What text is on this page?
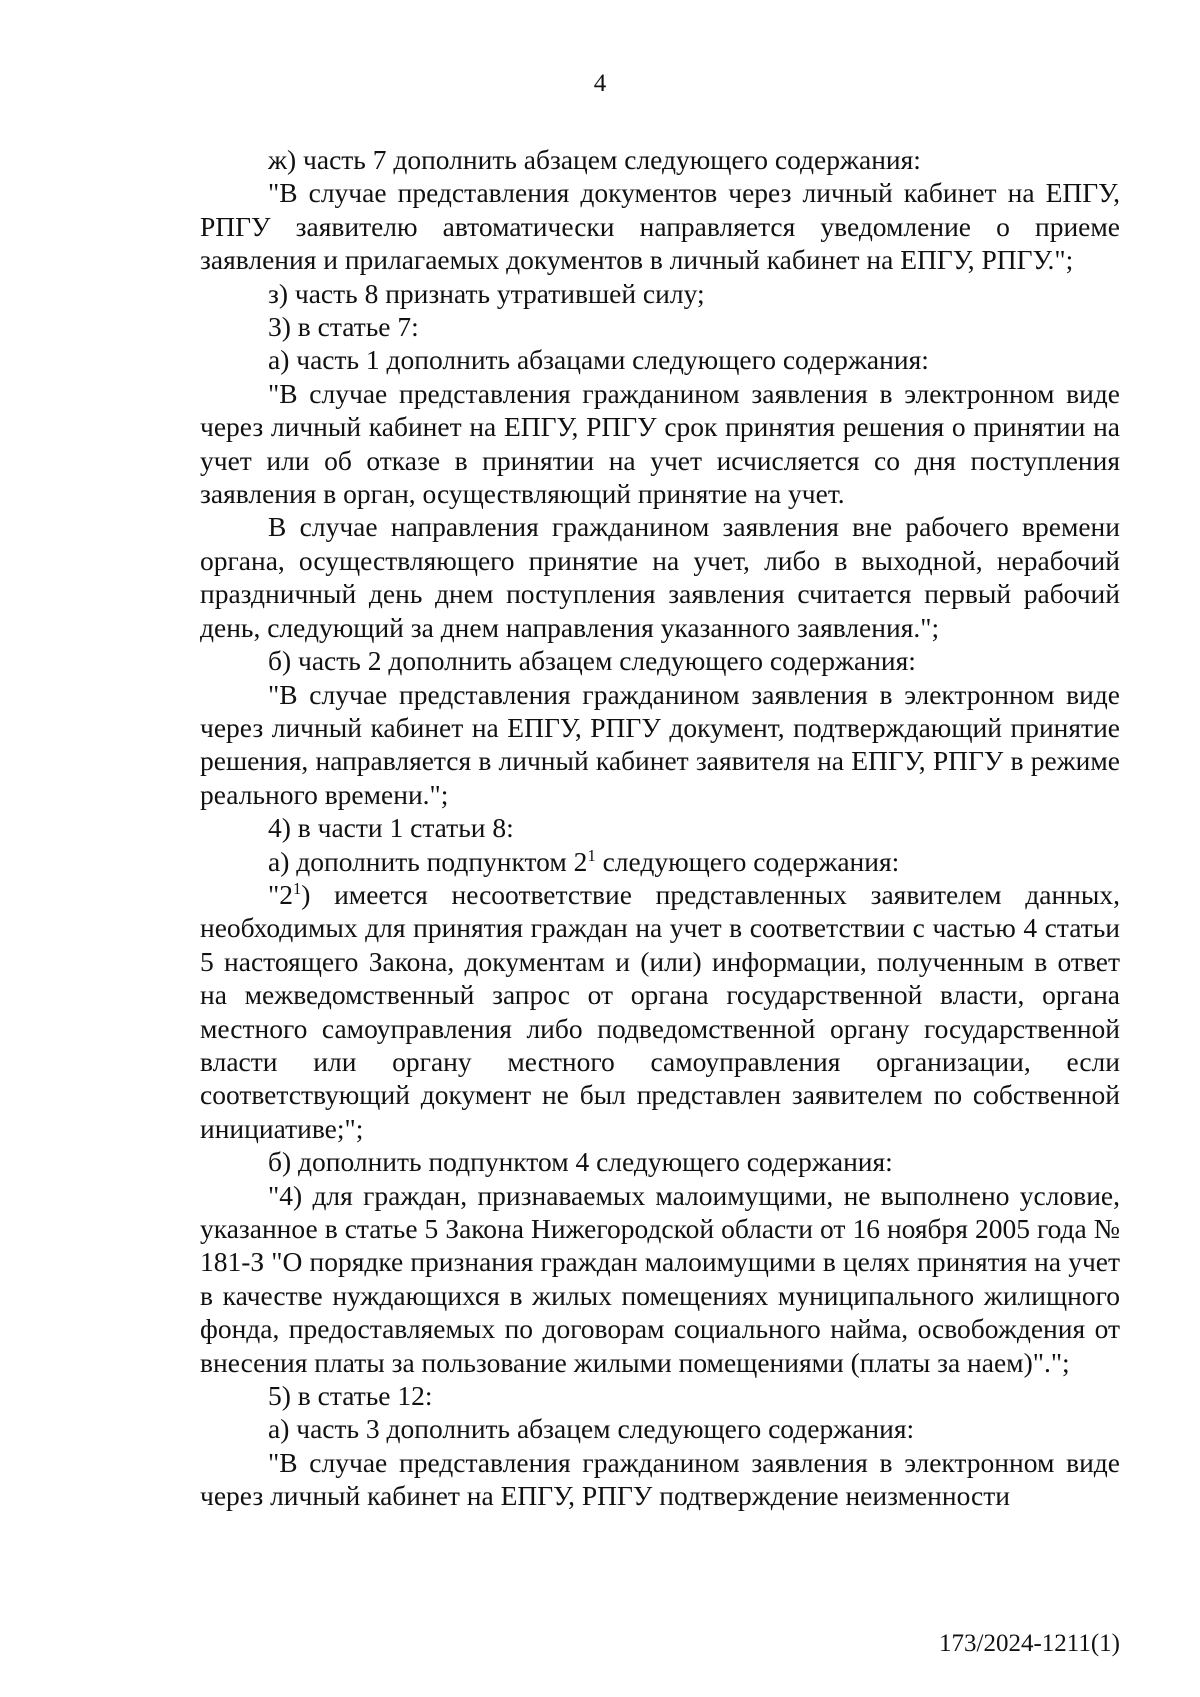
4

ж) часть 7 дополнить абзацем следующего содержания:

"В случае представления документов через личный кабинет на ЕПГУ, РПГУ заявителю автоматически направляется уведомление о приеме заявления и прилагаемых документов в личный кабинет на ЕПГУ, РПГУ.";

з) часть 8 признать утратившей силу;

3) в статье 7:

а) часть 1 дополнить абзацами следующего содержания:

"В случае представления гражданином заявления в электронном виде через личный кабинет на ЕПГУ, РПГУ срок принятия решения о принятии на учет или об отказе в принятии на учет исчисляется со дня поступления заявления в орган, осуществляющий принятие на учет.

В случае направления гражданином заявления вне рабочего времени органа, осуществляющего принятие на учет, либо в выходной, нерабочий праздничный день днем поступления заявления считается первый рабочий день, следующий за днем направления указанного заявления.";

б) часть 2 дополнить абзацем следующего содержания:

"В случае представления гражданином заявления в электронном виде через личный кабинет на ЕПГУ, РПГУ документ, подтверждающий принятие решения, направляется в личный кабинет заявителя на ЕПГУ, РПГУ в режиме реального времени.";

4) в части 1 статьи 8:

а) дополнить подпунктом $2^1$ следующего содержания:

"$2^1$) имеется несоответствие представленных заявителем данных, необходимых для принятия граждан на учет в соответствии с частью 4 статьи 5 настоящего Закона, документам и (или) информации, полученным в ответ на межведомственный запрос от органа государственной власти, органа местного самоуправления либо подведомственной органу государственной власти или органу местного самоуправления организации, если соответствующий документ не был представлен заявителем по собственной инициативе;";

б) дополнить подпунктом 4 следующего содержания:

"4) для граждан, признаваемых малоимущими, не выполнено условие, указанное в статье 5 Закона Нижегородской области от 16 ноября 2005 года № 181-З "О порядке признания граждан малоимущими в целях принятия на учет в качестве нуждающихся в жилых помещениях муниципального жилищного фонда, предоставляемых по договорам социального найма, освобождения от внесения платы за пользование жилыми помещениями (платы за наем)".";

5) в статье 12:

а) часть 3 дополнить абзацем следующего содержания:

"В случае представления гражданином заявления в электронном виде через личный кабинет на ЕПГУ, РПГУ подтверждение неизменности

173/2024-1211(1)
